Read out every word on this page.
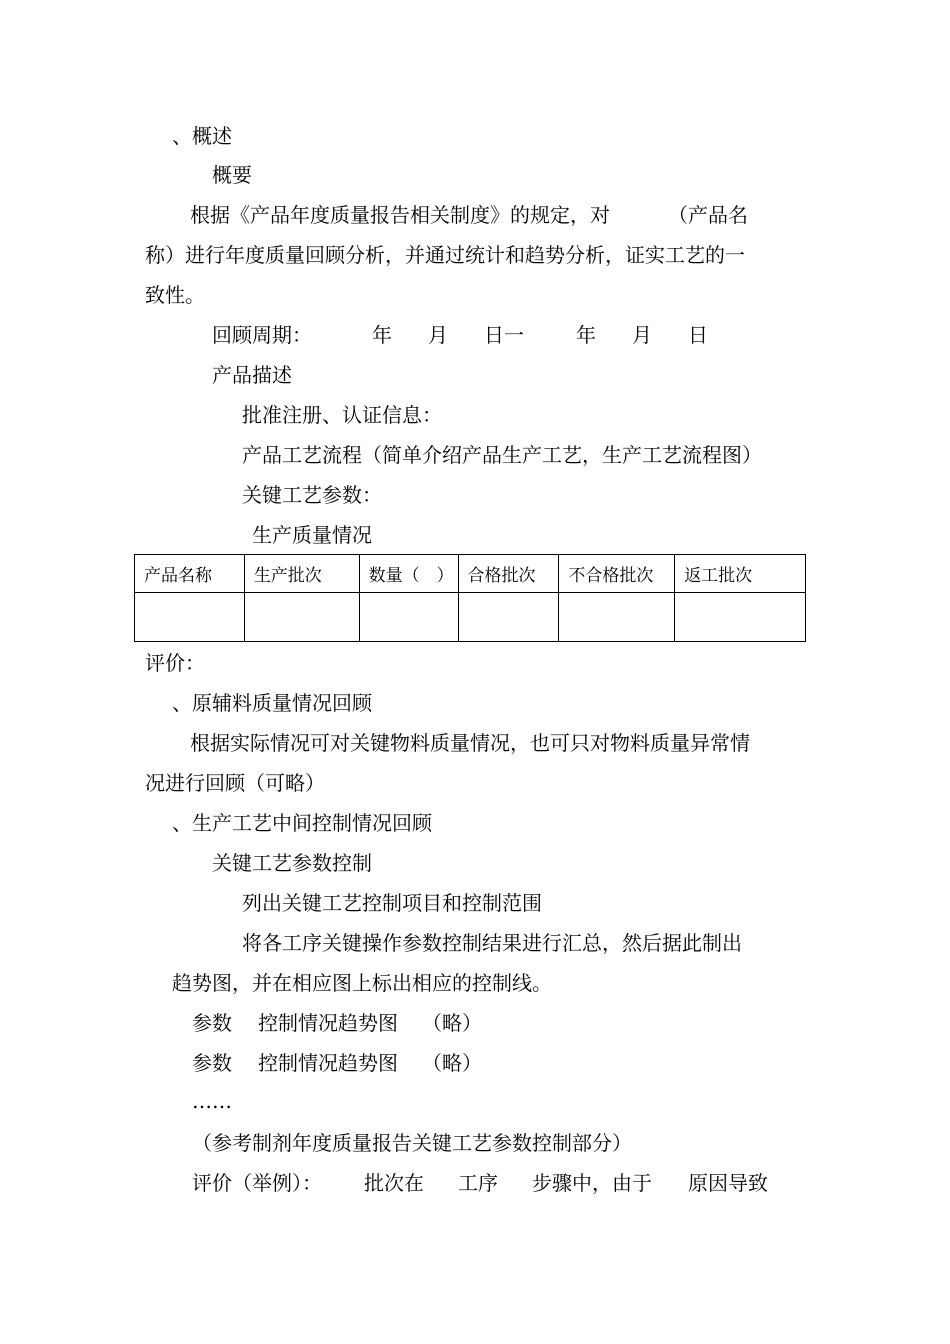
、概述
概要
根据《产品年度质量报告相关制度》的规定，对	（产品名
称）进行年度质量回顾分析，并通过统计和趋势分析，证实工艺的一
致性。
回顾周期：	年 月 日一	年 月 日
产品描述
批准注册、认证信息：
产品工艺流程（简单介绍产品生产工艺，生产工艺流程图）
关键工艺参数：
生产质量情况
产品名称	生产批次	数量（　）	合格批次	不合格批次	返工批次

评价：
、原辅料质量情况回顾
根据实际情况可对关键物料质量情况，也可只对物料质量异常情
况进行回顾（可略）
、生产工艺中间控制情况回顾
关键工艺参数控制
列出关键工艺控制项目和控制范围
将各工序关键操作参数控制结果进行汇总，然后据此制出
趋势图，并在相应图上标出相应的控制线。
参数 控制情况趋势图 （略）
参数 控制情况趋势图 （略）
……
（参考制剂年度质量报告关键工艺参数控制部分）
评价（举例）： 批次在 工序 步骤中，由于 原因导致
